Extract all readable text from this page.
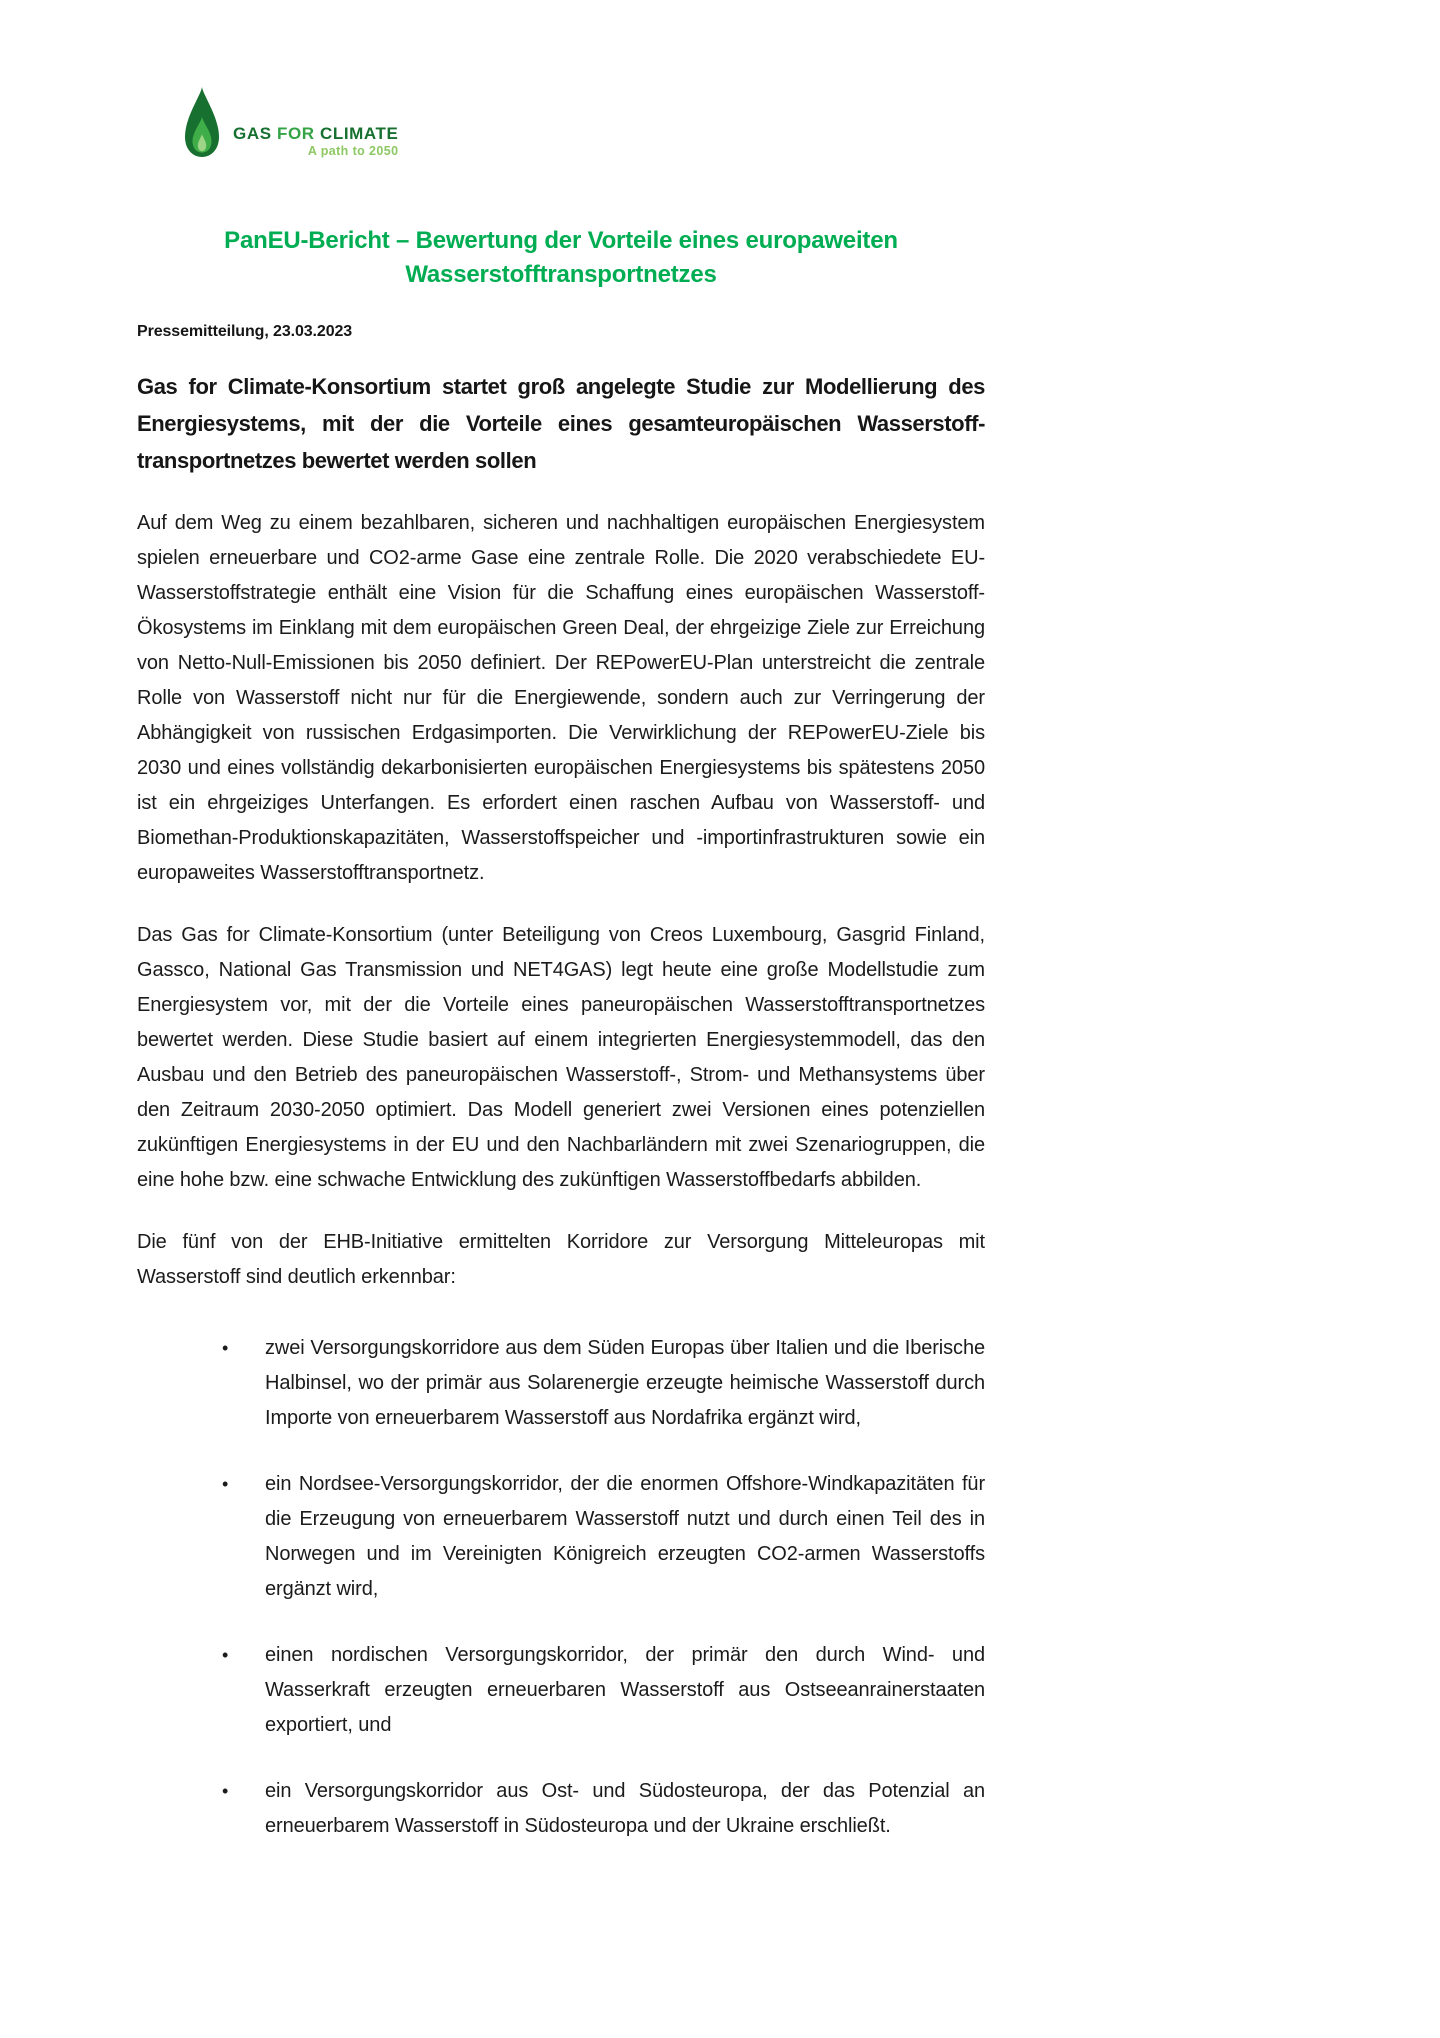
GAS FOR CLIMATE
A path to 2050
PanEU-Bericht – Bewertung der Vorteile eines europaweiten Wasserstofftransportnetzes

Pressemitteilung, 23.03.2023

Gas for Climate-Konsortium startet groß angelegte Studie zur Modellierung des Energiesystems, mit der die Vorteile eines gesamteuropäischen Wasserstoff-transportnetzes bewertet werden sollen

Auf dem Weg zu einem bezahlbaren, sicheren und nachhaltigen europäischen Energiesystem spielen erneuerbare und CO2-arme Gase eine zentrale Rolle. Die 2020 verabschiedete EU-Wasserstoffstrategie enthält eine Vision für die Schaffung eines europäischen Wasserstoff-Ökosystems im Einklang mit dem europäischen Green Deal, der ehrgeizige Ziele zur Erreichung von Netto-Null-Emissionen bis 2050 definiert. Der REPowerEU-Plan unterstreicht die zentrale Rolle von Wasserstoff nicht nur für die Energiewende, sondern auch zur Verringerung der Abhängigkeit von russischen Erdgasimporten. Die Verwirklichung der REPowerEU-Ziele bis 2030 und eines vollständig dekarbonisierten europäischen Energiesystems bis spätestens 2050 ist ein ehrgeiziges Unterfangen. Es erfordert einen raschen Aufbau von Wasserstoff- und Biomethan-Produktionskapazitäten, Wasserstoffspeicher und -importinfrastrukturen sowie ein europaweites Wasserstofftransportnetz.

Das Gas for Climate-Konsortium (unter Beteiligung von Creos Luxembourg, Gasgrid Finland, Gassco, National Gas Transmission und NET4GAS) legt heute eine große Modellstudie zum Energiesystem vor, mit der die Vorteile eines paneuropäischen Wasserstofftransportnetzes bewertet werden. Diese Studie basiert auf einem integrierten Energiesystemmodell, das den Ausbau und den Betrieb des paneuropäischen Wasserstoff-, Strom- und Methansystems über den Zeitraum 2030-2050 optimiert. Das Modell generiert zwei Versionen eines potenziellen zukünftigen Energiesystems in der EU und den Nachbarländern mit zwei Szenariogruppen, die eine hohe bzw. eine schwache Entwicklung des zukünftigen Wasserstoffbedarfs abbilden.

Die fünf von der EHB-Initiative ermittelten Korridore zur Versorgung Mitteleuropas mit Wasserstoff sind deutlich erkennbar:

•	zwei Versorgungskorridore aus dem Süden Europas über Italien und die Iberische Halbinsel, wo der primär aus Solarenergie erzeugte heimische Wasserstoff durch Importe von erneuerbarem Wasserstoff aus Nordafrika ergänzt wird,
•	ein Nordsee-Versorgungskorridor, der die enormen Offshore-Windkapazitäten für die Erzeugung von erneuerbarem Wasserstoff nutzt und durch einen Teil des in Norwegen und im Vereinigten Königreich erzeugten CO2-armen Wasserstoffs ergänzt wird,
•	einen nordischen Versorgungskorridor, der primär den durch Wind- und Wasserkraft erzeugten erneuerbaren Wasserstoff aus Ostseeanrainerstaaten exportiert, und
•	ein Versorgungskorridor aus Ost- und Südosteuropa, der das Potenzial an erneuerbarem Wasserstoff in Südosteuropa und der Ukraine erschließt.
